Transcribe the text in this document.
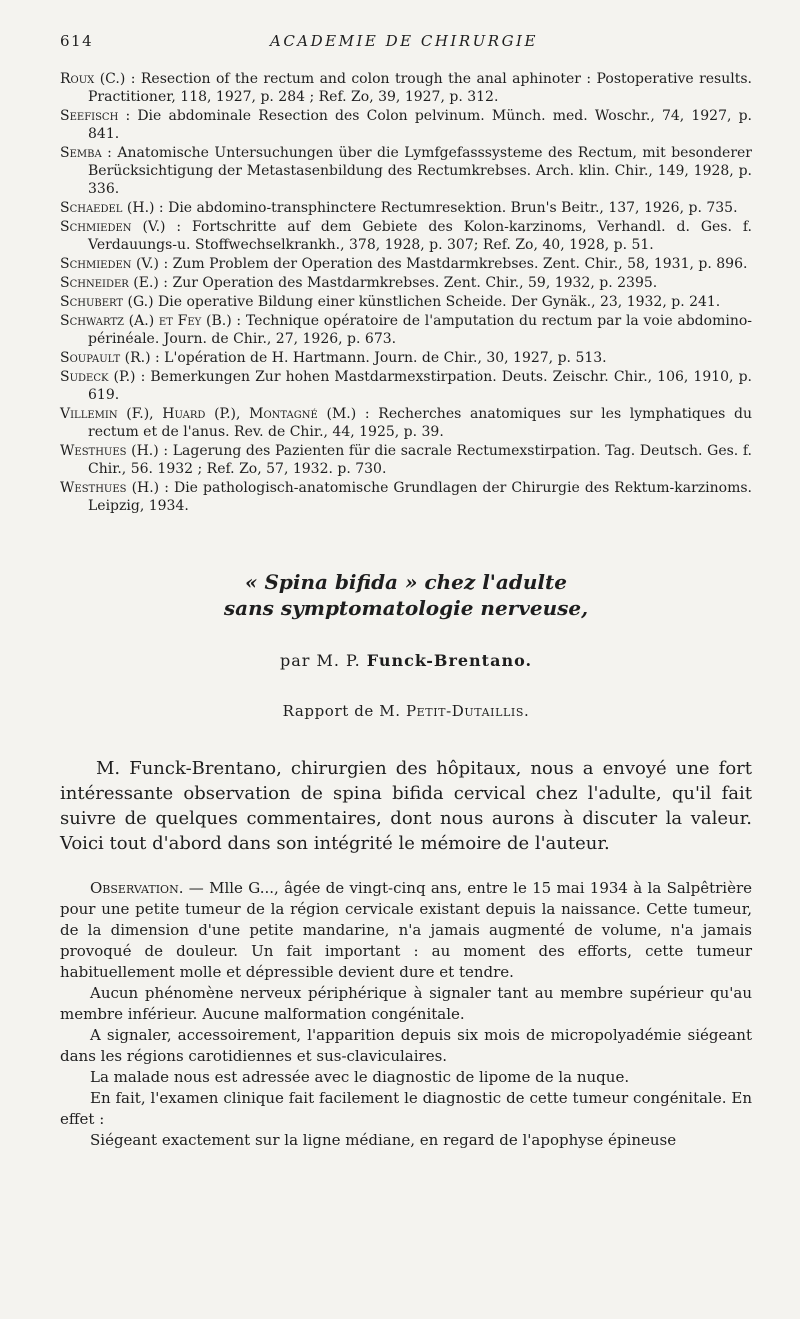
614	ACADEMIE DE CHIRURGIE

Roux (C.) : Resection of the rectum and colon trough the anal aphinoter : Postoperative results. Practitioner, 118, 1927, p. 284 ; Ref. Zo, 39, 1927, p. 312.

Seefisch : Die abdominale Resection des Colon pelvinum. Münch. med. Woschr., 74, 1927, p. 841.

Semba : Anatomische Untersuchungen über die Lymfgefasssysteme des Rectum, mit besonderer Berücksichtigung der Metastasenbildung des Rectumkrebses. Arch. klin. Chir., 149, 1928, p. 336.

Schaedel (H.) : Die abdomino-transphinctere Rectumresektion. Brun's Beitr., 137, 1926, p. 735.

Schmieden (V.) : Fortschritte auf dem Gebiete des Kolon-karzinoms, Verhandl. d. Ges. f. Verdauungs-u. Stoffwechselkrankh., 378, 1928, p. 307; Ref. Zo, 40, 1928, p. 51.

Schmieden (V.) : Zum Problem der Operation des Mastdarmkrebses. Zent. Chir., 58, 1931, p. 896.

Schneider (E.) : Zur Operation des Mastdarmkrebses. Zent. Chir., 59, 1932, p. 2395.

Schubert (G.) Die operative Bildung einer künstlichen Scheide. Der Gynäk., 23, 1932, p. 241.

Schwartz (A.) et Fey (B.) : Technique opératoire de l'amputation du rectum par la voie abdomino-périnéale. Journ. de Chir., 27, 1926, p. 673.

Soupault (R.) : L'opération de H. Hartmann. Journ. de Chir., 30, 1927, p. 513.

Sudeck (P.) : Bemerkungen Zur hohen Mastdarmexstirpation. Deuts. Zeischr. Chir., 106, 1910, p. 619.

Villemin (F.), Huard (P.), Montagné (M.) : Recherches anatomiques sur les lymphatiques du rectum et de l'anus. Rev. de Chir., 44, 1925, p. 39.

Westhues (H.) : Lagerung des Pazienten für die sacrale Rectumexstirpation. Tag. Deutsch. Ges. f. Chir., 56. 1932 ; Ref. Zo, 57, 1932. p. 730.

Westhues (H.) : Die pathologisch-anatomische Grundlagen der Chirurgie des Rektum-karzinoms. Leipzig, 1934.

« Spina bifida » chez l'adulte
sans symptomatologie nerveuse,
par M. P. Funck-Brentano.
Rapport de M. Petit-Dutaillis.

M. Funck-Brentano, chirurgien des hôpitaux, nous a envoyé une fort intéressante observation de spina bifida cervical chez l'adulte, qu'il fait suivre de quelques commentaires, dont nous aurons à discuter la valeur. Voici tout d'abord dans son intégrité le mémoire de l'auteur.

Observation. — Mlle G..., âgée de vingt-cinq ans, entre le 15 mai 1934 à la Salpêtrière pour une petite tumeur de la région cervicale existant depuis la naissance. Cette tumeur, de la dimension d'une petite mandarine, n'a jamais augmenté de volume, n'a jamais provoqué de douleur. Un fait important : au moment des efforts, cette tumeur habituellement molle et dépressible devient dure et tendre.

Aucun phénomène nerveux périphérique à signaler tant au membre supérieur qu'au membre inférieur. Aucune malformation congénitale.

A signaler, accessoirement, l'apparition depuis six mois de micropolyadémie siégeant dans les régions carotidiennes et sus-claviculaires.

La malade nous est adressée avec le diagnostic de lipome de la nuque.

En fait, l'examen clinique fait facilement le diagnostic de cette tumeur congénitale. En effet :

Siégeant exactement sur la ligne médiane, en regard de l'apophyse épineuse
